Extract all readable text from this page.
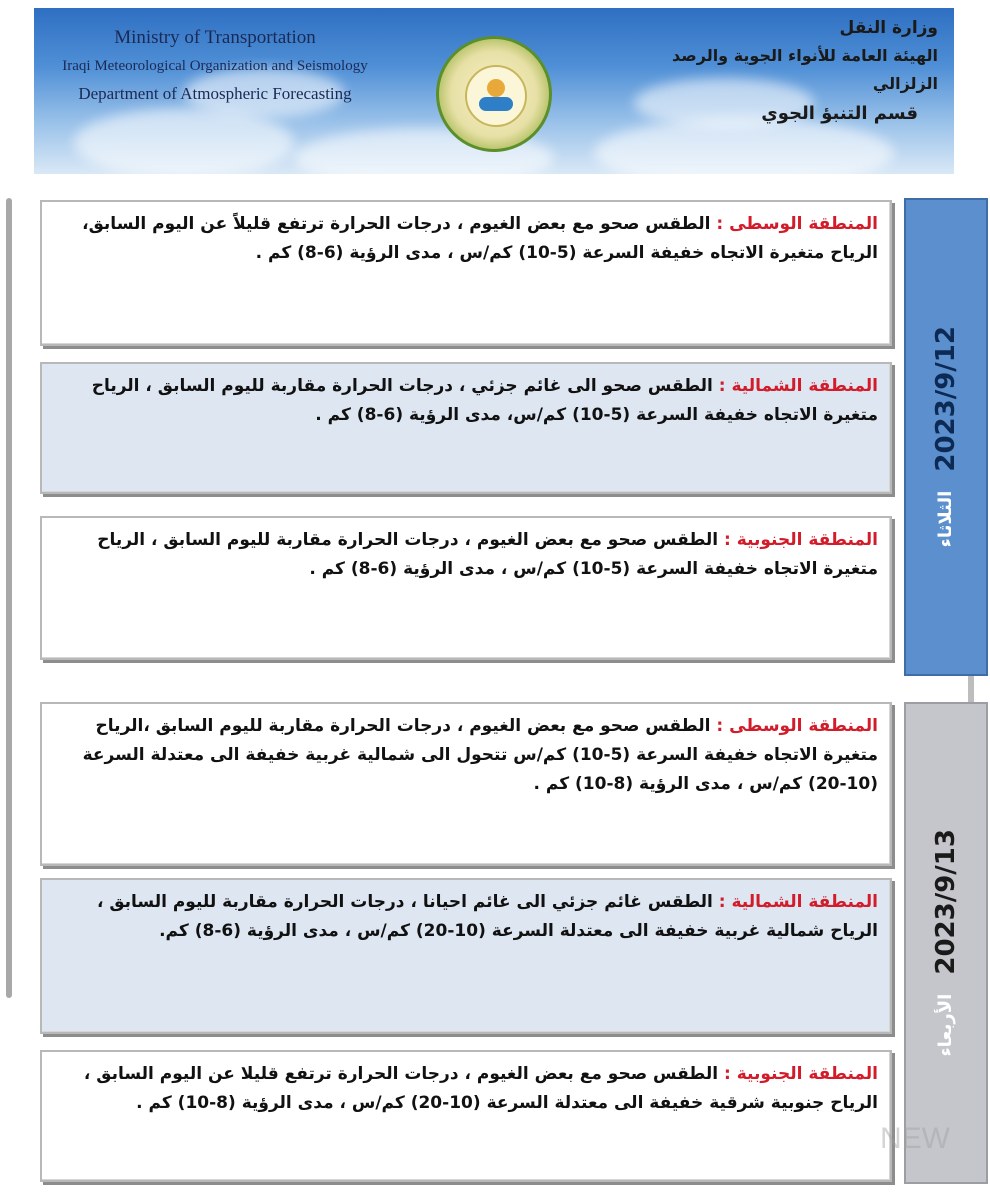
Ministry of Transportation
Iraqi Meteorological Organization and Seismology
Department of Atmospheric Forecasting
وزارة النقل
الهيئة العامة للأنواء الجوية والرصد الزلزالي
قسم التنبؤ الجوي
المنطقة الوسطى : الطقس صحو مع بعض الغيوم ، درجات الحرارة ترتفع قليلاً عن اليوم السابق، الرياح متغيرة الاتجاه خفيفة السرعة (5-10) كم/س ، مدى الرؤية (6-8) كم .
المنطقة الشمالية : الطقس صحو الى غائم جزئي ، درجات الحرارة مقاربة لليوم السابق ، الرياح متغيرة الاتجاه خفيفة السرعة (5-10) كم/س، مدى الرؤية (6-8) كم .
المنطقة الجنوبية : الطقس صحو مع بعض الغيوم ، درجات الحرارة مقاربة لليوم السابق ، الرياح متغيرة الاتجاه خفيفة السرعة (5-10) كم/س ، مدى الرؤية (6-8) كم .
الثلاثاء 2023/9/12
المنطقة الوسطى : الطقس صحو مع بعض الغيوم ، درجات الحرارة مقاربة لليوم السابق ،الرياح متغيرة الاتجاه خفيفة السرعة (5-10) كم/س تتحول الى شمالية غربية خفيفة الى معتدلة السرعة (10-20) كم/س ، مدى الرؤية (8-10) كم .
المنطقة الشمالية : الطقس غائم جزئي الى غائم احيانا ، درجات الحرارة مقاربة لليوم السابق ، الرياح شمالية غربية خفيفة الى معتدلة السرعة (10-20) كم/س ، مدى الرؤية (6-8) كم.
المنطقة الجنوبية : الطقس صحو مع بعض الغيوم ، درجات الحرارة ترتفع قليلا عن اليوم السابق ، الرياح جنوبية شرقية خفيفة الى معتدلة السرعة (10-20) كم/س ، مدى الرؤية (8-10) كم .
الأربعاء 2023/9/13
NEW
